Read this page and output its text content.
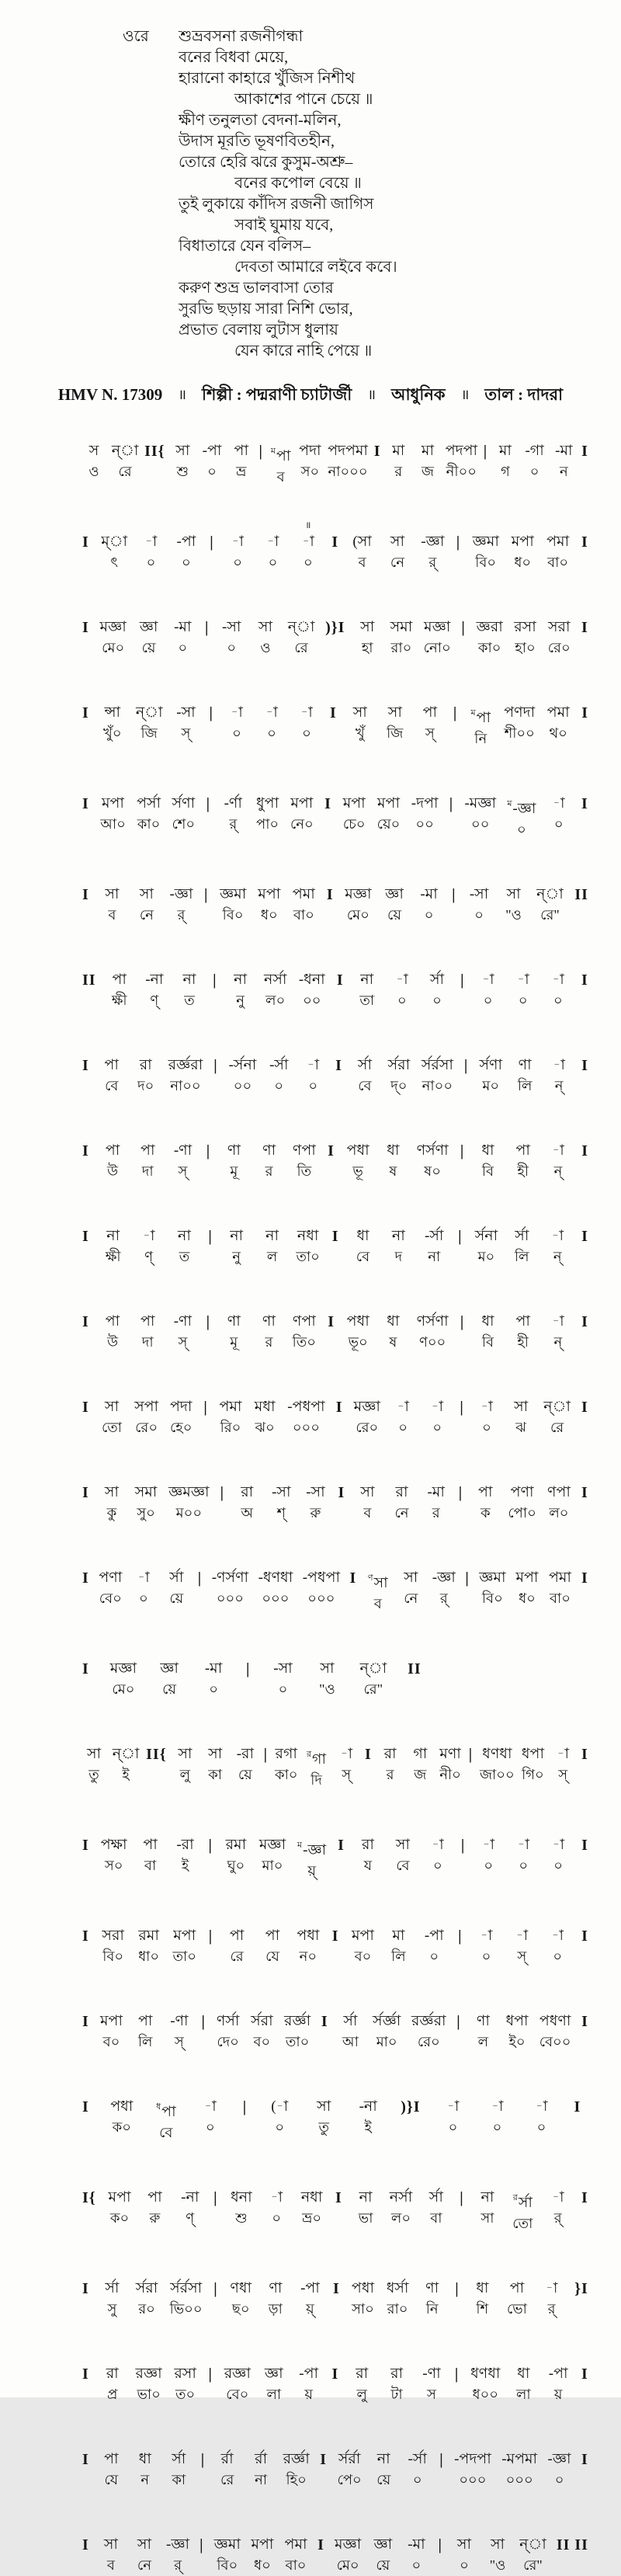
ওরে শুভ্রবসনা রজনীগন্ধা
বনের বিধবা মেয়ে,
হারানো কাহারে খুঁজিস নিশীথ
আকাশের পানে চেয়ে ॥
ক্ষীণ তনুলতা বেদনা-মলিন,
উদাস মূরতি ভূষণবিতহীন,
তোরে হেরি ঝরে কুসুম-অশ্রু–
বনের কপোল বেয়ে ॥
তুই লুকায়ে কাঁদিস রজনী জাগিস
সবাই ঘুমায় যবে,
বিধাতারে যেন বলিস–
দেবতা আমারে লইবে কবে।
করুণ শুভ্র ভালবাসা তোর
সুরভি ছড়ায় সারা নিশি ভোর,
প্রভাত বেলায় লুটাস ধুলায়
যেন কারে নাহি পেয়ে ॥
HMV N. 17309 ॥ শিল্পী : পদ্মরাণী চ্যাটার্জী ॥ আধুনিক ॥ তাল : দাদরা
স
ও
ন্া
রে
II{ সা
শু
-পা
০
পা
ভ্র
| $^ম$পা
ব
পদা
স০
পদপমা
না০০০
I মা
র
মা
জ
পদপা
নী০০
| মা
গ
-গা
০
-মা
ন
I
I ম্া
ৎ
-া
০
-পা
০
| -া
০
-া
০
॥
-া
০
I (সা
ব
সা
নে
-জ্ঞা
র্
| জ্ঞমা
বি০
মপা
ধ০
পমা
বা০
I
I মজ্ঞা
মে০
জ্ঞা
য়ে
-মা
০
| -সা
০
সা
ও
ন্া
রে
)}I সা
হা
সমা
রা০
মজ্ঞা
নো০
| জ্ঞরা
কা০
রসা
হা০
সরা
রে০
I
I ন্সা
খুঁ০
ন্া
জি
-সা
স্
| -া
০
-া
০
-া
০
I সা
খুঁ
সা
জি
পা
স্
| $^ম$পা
নি
পণদা
শী০০
পমা
থ০
I
I মপা
আ০
পর্সা
কা০
র্সণা
শে০
| -র্ণা
র্
ধুপা
পা০
মপা
নে০
I মপা
চে০
মপা
য়ে০
-দপা
০০
| -মজ্ঞা
০০
$^ম$-জ্ঞা
০
-া
০
I
I সা
ব
সা
নে
-জ্ঞা
র্
| জ্ঞমা
বি০
মপা
ধ০
পমা
বা০
I মজ্ঞা
মে০
জ্ঞা
য়ে
-মা
০
| -সা
০
সা
"ও
ন্া
রে"
II
II পা
ক্ষী
-না
ণ্
না
ত
| না
নু
নর্সা
ল০
-ধনা
০০
I না
তা
-া
০
র্সা
০
| -া
০
-া
০
-া
০
I
I পা
বে
রা
দ০
রর্জ্ঞরা
না০০
| -র্সনা
০০
-র্সা
০
-া
০
I র্সা
বে
র্সরা
দ্০
র্সর্রসা
না০০
| র্সণা
ম০
ণা
লি
-া
ন্
I
I পা
উ
পা
দা
-ণা
স্
| ণা
মূ
ণা
র
ণপা
তি
I পধা
ভূ
ধা
ষ
ণর্সণা
ষ০
| ধা
বি
পা
হী
-া
ন্
I
I না
ক্ষী
-া
ণ্
না
ত
| না
নু
না
ল
নধা
তা০
I ধা
বে
না
দ
-র্সা
না
| র্সনা
ম০
র্সা
লি
-া
ন্
I
I পা
উ
পা
দা
-ণা
স্
| ণা
মূ
ণা
র
ণপা
তি০
I পধা
ভূ০
ধা
ষ
ণর্সণা
ণ০০
| ধা
বি
পা
হী
-া
ন্
I
I সা
তো
সপা
রে০
পদা
হে০
| পমা
রি০
মধা
ঝ০
-পধপা
০০০
I মজ্ঞা
রে০
-া
০
-া
০
| -া
০
সা
ঝ
ন্া
রে
I
I সা
কু
সমা
সু০
জ্ঞমজ্ঞা
ম০০
| রা
অ
-সা
শ্
-সা
রু
I সা
ব
রা
নে
-মা
র
| পা
ক
পণা
পো০
ণপা
ল০
I
I পণা
বে০
-া
০
র্সা
য়ে
| -ণর্সণা
০০০
-ধণধা
০০০
-পধপা
০০০
I $^ণ$সা
ব
সা
নে
-জ্ঞা
র্
| জ্ঞমা
বি০
মপা
ধ০
পমা
বা০
I
I মজ্ঞা
মে০
জ্ঞা
য়ে
-মা
০
| -সা
০
সা
"ও
ন্া
রে"
II
সা
তু
ন্া
ই
II{ সা
লু
সা
কা
-রা
য়ে
| রগা
কা০
$^র$গা
দি
-া
স্
I রা
র
গা
জ
মণা
নী০
| ধণধা
জা০০
ধপা
গি০
-া
স্
I
I পক্ষা
স০
পা
বা
-রা
ই
| রমা
ঘু০
মজ্ঞা
মা০
$^ম$-জ্ঞা
য়্
I রা
য
সা
বে
-া
০
| -া
০
-া
০
-া
০
I
I সরা
বি০
রমা
ধা০
মপা
তা০
| পা
রে
পা
যে
পধা
ন০
I মপা
ব০
মা
লি
-পা
০
| -া
০
-া
স্
-া
০
I
I মপা
ব০
পা
লি
-ণা
স্
| ণর্সা
দে০
র্সরা
ব০
রর্জ্ঞা
তা০
I র্সা
আ
র্সর্জ্ঞা
মা০
রর্জ্ঞরা
রে০
| ণা
ল
ধপা
ই০
পধণা
বে০০
I
I পধা
ক০
$^ধ$পা
বে
-া
০
| (-া
০
সা
তু
-না
ই
)}I -া
০
-া
০
-া
০
I
I{ মপা
ক০
পা
রু
-না
ণ্
| ধনা
শু
-া
০
নধা
ভ্র০
I না
ভা
নর্সা
ল০
র্সা
বা
| না
সা
$^র$র্সা
তো
-া
র্
I
I র্সা
সু
র্সরা
র০
র্সর্রসা
ভি০০
| ণধা
ছ০
ণা
ড়া
-পা
য়্
I পধা
সা০
ধর্সা
রা০
ণা
নি
| ধা
শি
পা
ভো
-া
র্
}I
I রা
প্র
রজ্ঞা
ভা০
রসা
ত০
| রজ্ঞা
বে০
জ্ঞা
লা
-পা
য়
I রা
লু
রা
টা
-ণা
স
| ধণধা
ধ০০
ধা
লা
-পা
য়
I
I পা
যে
ধা
ন
র্সা
কা
| র্রা
রে
র্রা
না
রর্জ্ঞা
হি০
I র্সর্রা
পে০
না
য়ে
-র্সা
০
| -পদপা
০০০
-মপমা
০০০
-জ্ঞা
০
I
I সা
ব
সা
নে
-জ্ঞা
র্
| জ্ঞমা
বি০
মপা
ধ০
পমা
বা০
I মজ্ঞা
মে০
জ্ঞা
য়ে
-মা
০
| সা
০
সা
"ও
ন্া
রে"
II II
